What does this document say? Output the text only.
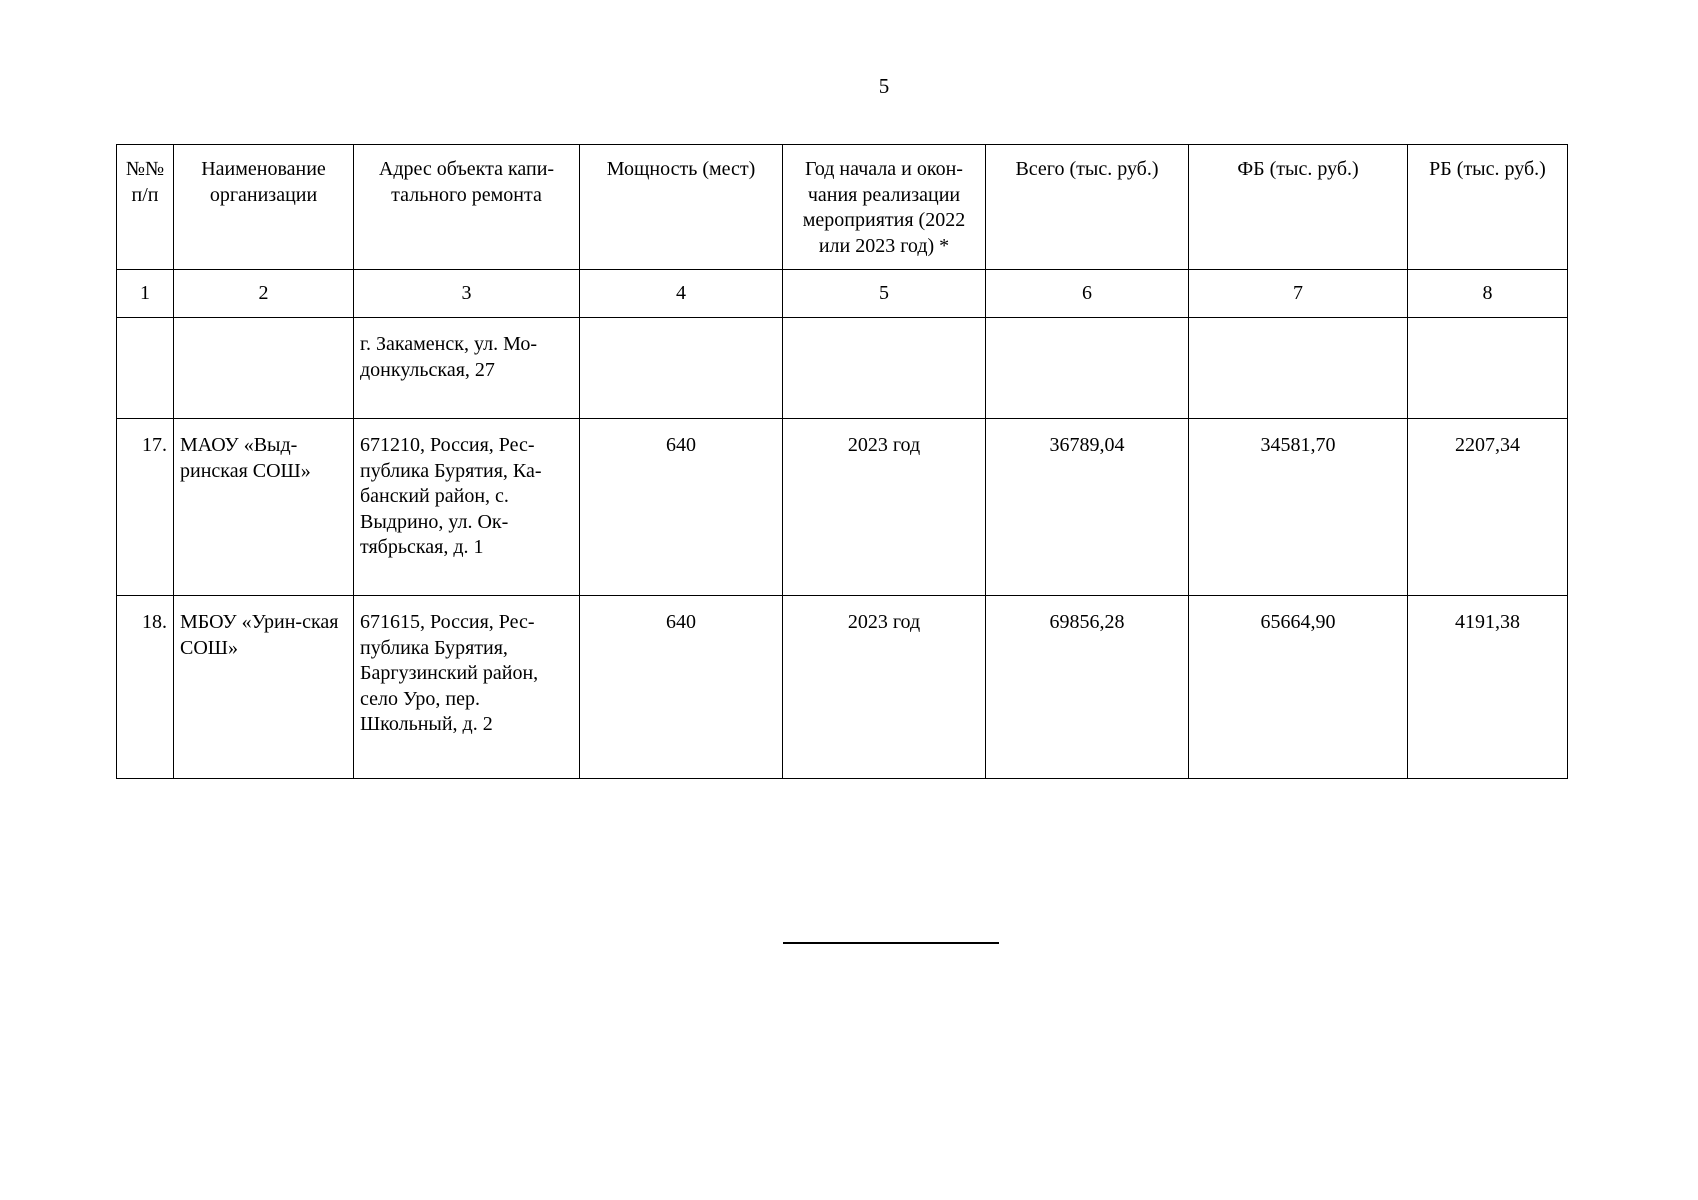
5
№№ п/п	Наименование организации	Адрес объекта капи-тального ремонта	Мощность (мест)	Год начала и окон-чания реализации мероприятия (2022 или 2023 год) *	Всего (тыс. руб.)	ФБ (тыс. руб.)	РБ (тыс. руб.)
1	2	3	4	5	6	7	8
		г. Закаменск, ул. Мо-донкульская, 27					
17.	МАОУ «Выд-ринская СОШ»	671210, Россия, Рес-публика Бурятия, Ка-банский район, с. Выдрино, ул. Ок-тябрьская, д. 1	640	2023 год	36789,04	34581,70	2207,34
18.	МБОУ «Урин-ская СОШ»	671615, Россия, Рес-публика Бурятия, Баргузинский район, село Уро, пер. Школьный, д. 2	640	2023 год	69856,28	65664,90	4191,38
